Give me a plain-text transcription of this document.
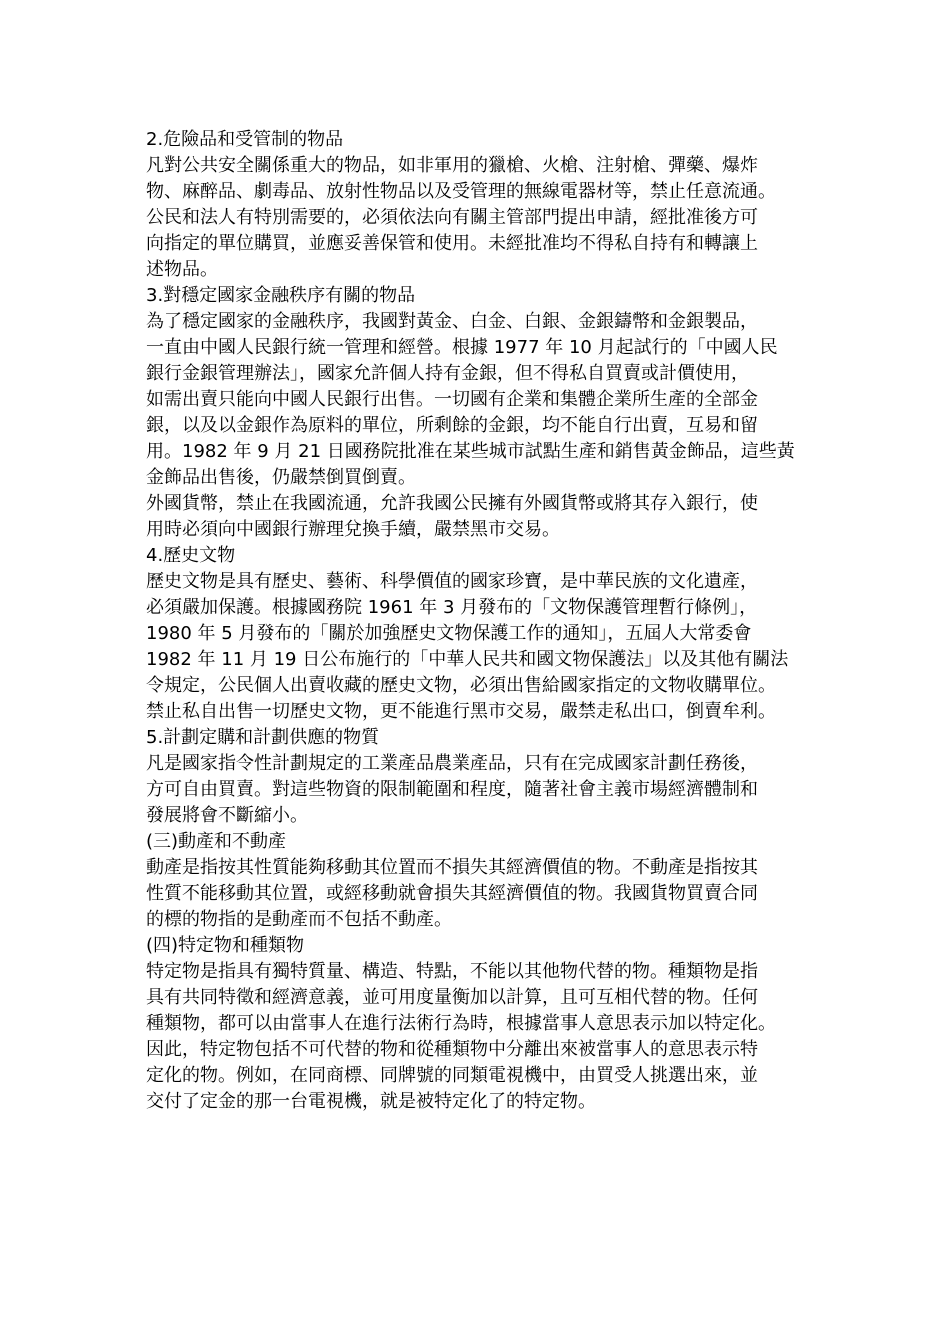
2.危險品和受管制的物品
凡對公共安全關係重大的物品，如非軍用的獵槍、火槍、注射槍、彈藥、爆炸
物、麻醉品、劇毒品、放射性物品以及受管理的無線電器材等，禁止任意流通。
公民和法人有特別需要的，必須依法向有關主管部門提出申請，經批准後方可
向指定的單位購買，並應妥善保管和使用。未經批准均不得私自持有和轉讓上
述物品。
3.對穩定國家金融秩序有關的物品
為了穩定國家的金融秩序，我國對黃金、白金、白銀、金銀鑄幣和金銀製品，
一直由中國人民銀行統一管理和經營。根據 1977 年 10 月起試行的「中國人民
銀行金銀管理辦法」，國家允許個人持有金銀，但不得私自買賣或計價使用，
如需出賣只能向中國人民銀行出售。一切國有企業和集體企業所生產的全部金
銀，以及以金銀作為原料的單位，所剩餘的金銀，均不能自行出賣，互易和留
用。1982 年 9 月 21 日國務院批准在某些城市試點生產和銷售黃金飾品，這些黃
金飾品出售後，仍嚴禁倒買倒賣。
外國貨幣，禁止在我國流通，允許我國公民擁有外國貨幣或將其存入銀行，使
用時必須向中國銀行辦理兌換手續，嚴禁黑市交易。
4.歷史文物
歷史文物是具有歷史、藝術、科學價值的國家珍寶，是中華民族的文化遺產，
必須嚴加保護。根據國務院 1961 年 3 月發布的「文物保護管理暫行條例」，
1980 年 5 月發布的「關於加強歷史文物保護工作的通知」，五屆人大常委會
1982 年 11 月 19 日公布施行的「中華人民共和國文物保護法」以及其他有關法
令規定，公民個人出賣收藏的歷史文物，必須出售給國家指定的文物收購單位。
禁止私自出售一切歷史文物，更不能進行黑市交易，嚴禁走私出口，倒賣牟利。
5.計劃定購和計劃供應的物質
凡是國家指令性計劃規定的工業產品農業產品，只有在完成國家計劃任務後，
方可自由買賣。對這些物資的限制範圍和程度，隨著社會主義市場經濟體制和
發展將會不斷縮小。
(三)動產和不動產
動產是指按其性質能夠移動其位置而不損失其經濟價值的物。不動產是指按其
性質不能移動其位置，或經移動就會損失其經濟價值的物。我國貨物買賣合同
的標的物指的是動產而不包括不動產。
(四)特定物和種類物
特定物是指具有獨特質量、構造、特點，不能以其他物代替的物。種類物是指
具有共同特徵和經濟意義，並可用度量衡加以計算，且可互相代替的物。任何
種類物，都可以由當事人在進行法術行為時，根據當事人意思表示加以特定化。
因此，特定物包括不可代替的物和從種類物中分離出來被當事人的意思表示特
定化的物。例如，在同商標、同牌號的同類電視機中，由買受人挑選出來，並
交付了定金的那一台電視機，就是被特定化了的特定物。
